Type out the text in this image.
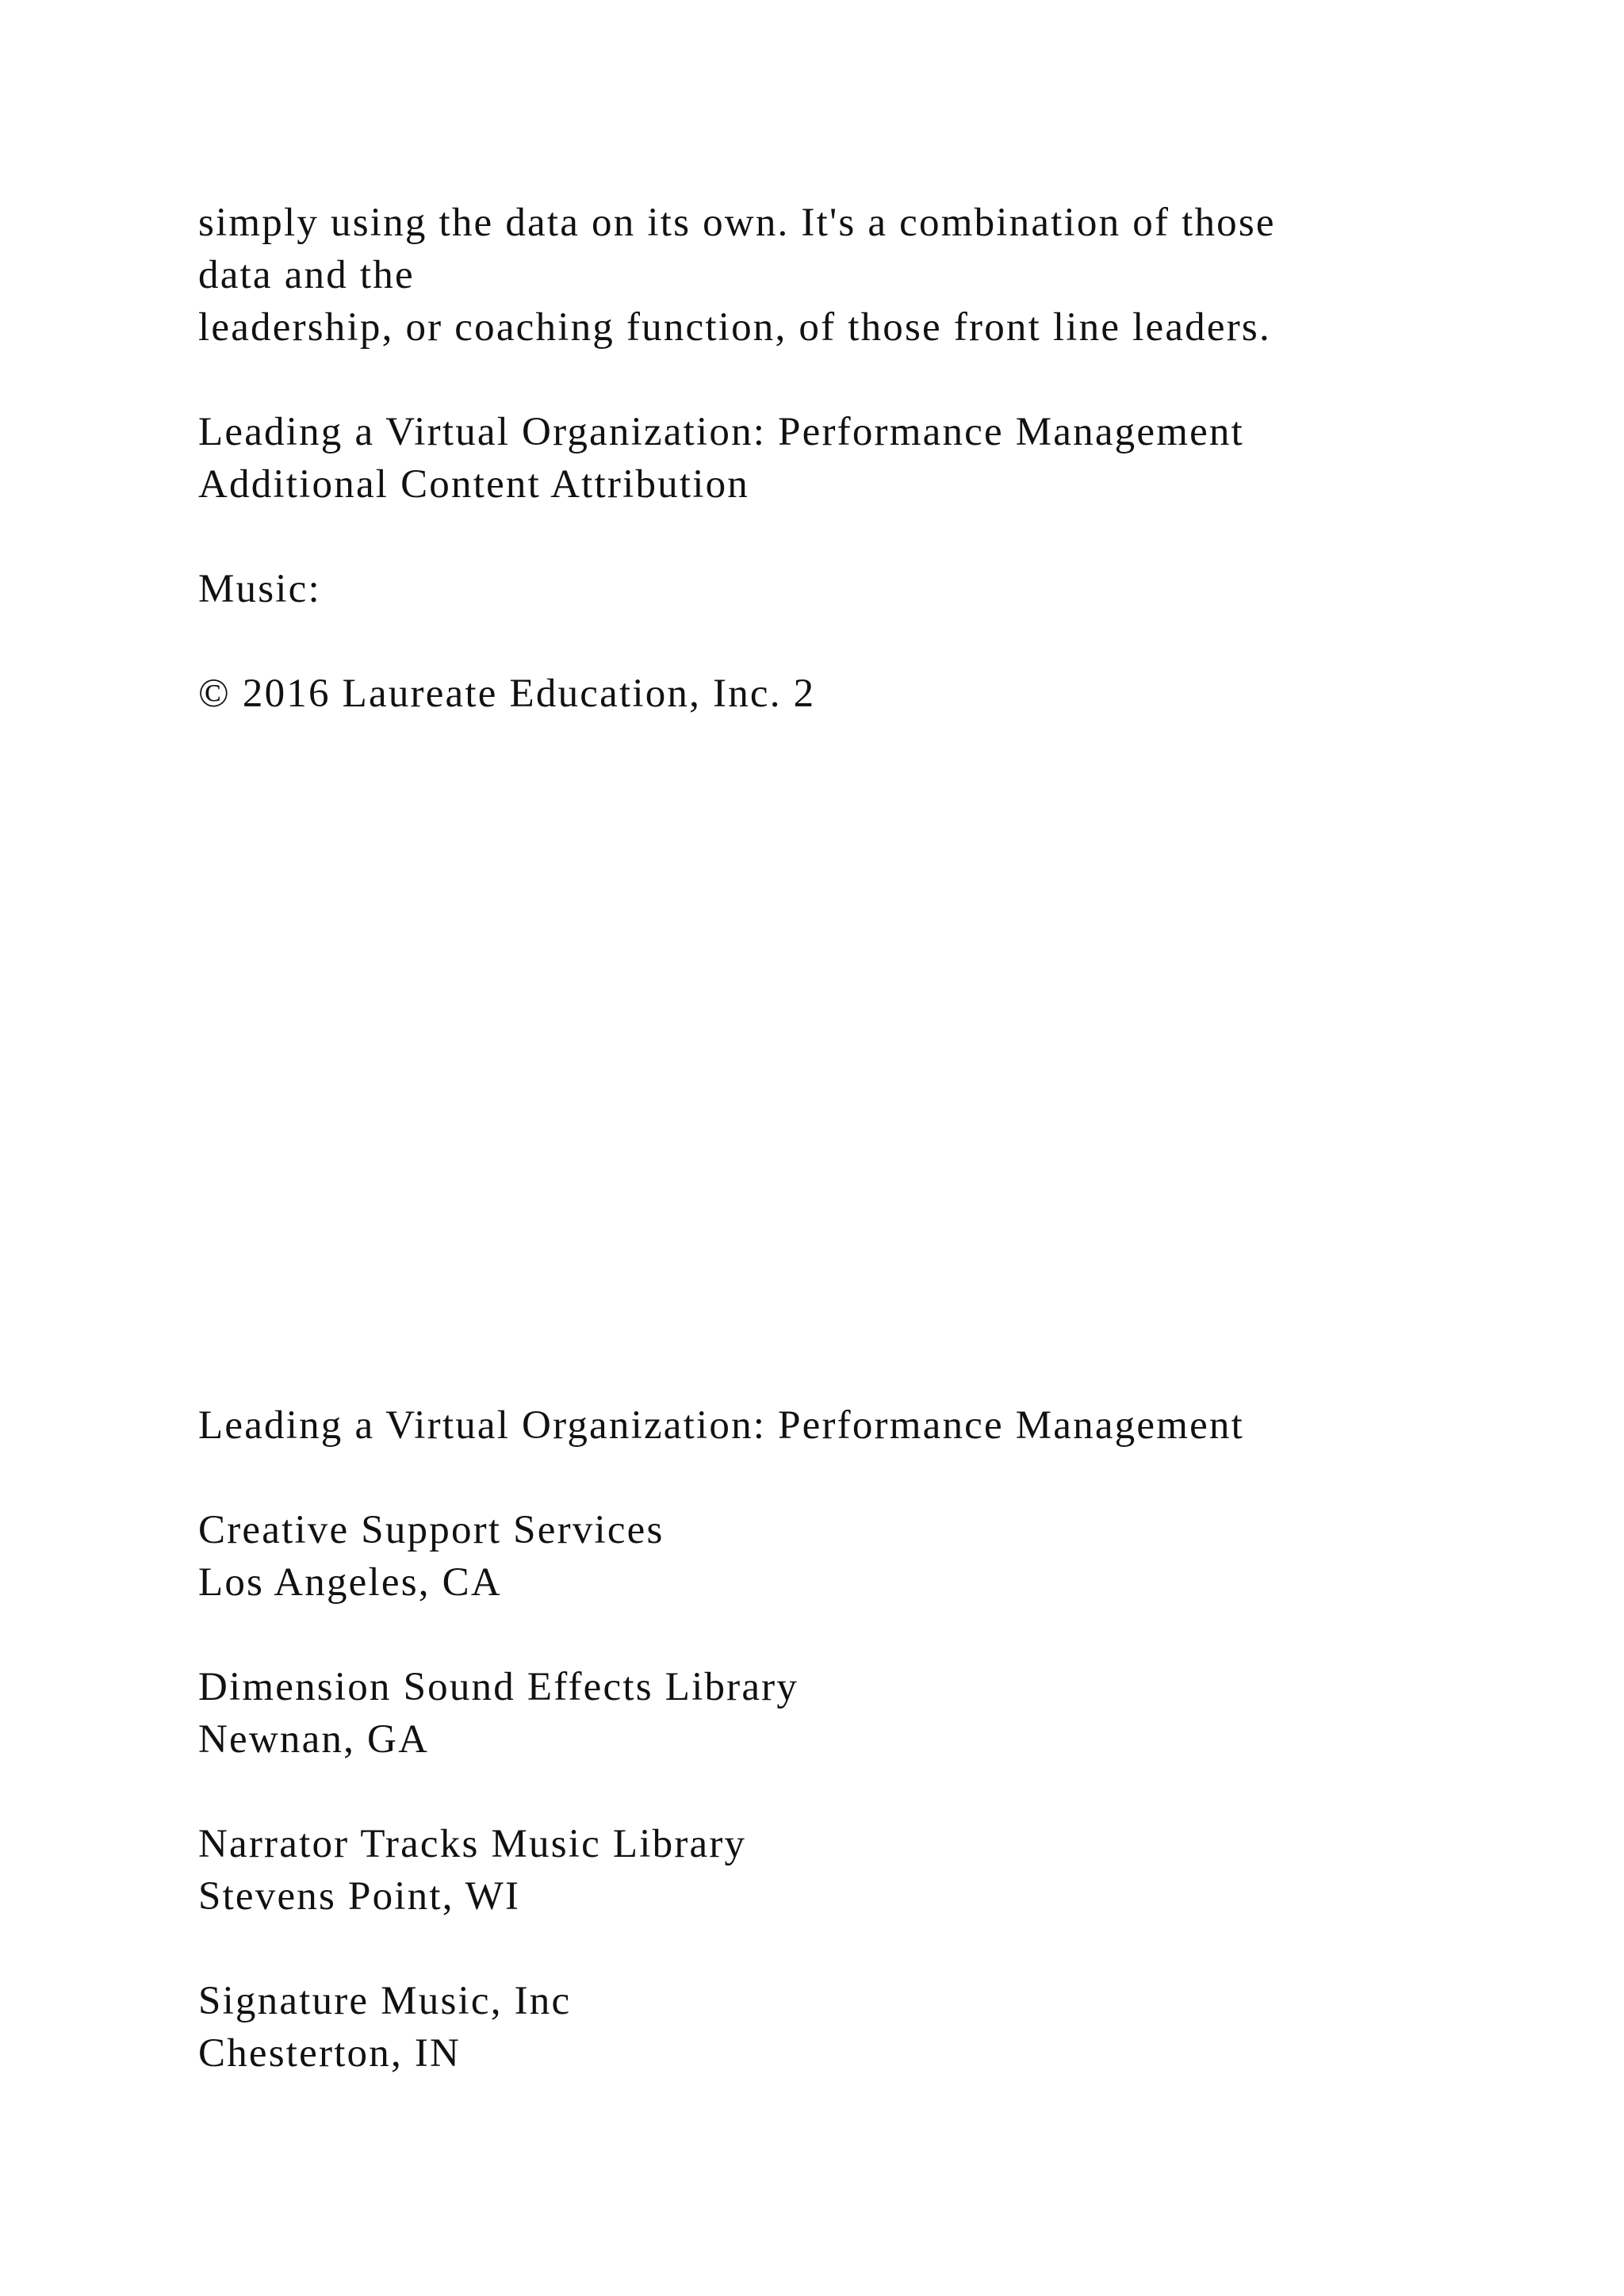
simply using the data on its own. It's a combination of those
data and the
leadership, or coaching function, of those front line leaders.
Leading a Virtual Organization: Performance Management
Additional Content Attribution
Music:
© 2016 Laureate Education, Inc. 2
Leading a Virtual Organization: Performance Management
Creative Support Services
Los Angeles, CA
Dimension Sound Effects Library
Newnan, GA
Narrator Tracks Music Library
Stevens Point, WI
Signature Music, Inc
Chesterton, IN
